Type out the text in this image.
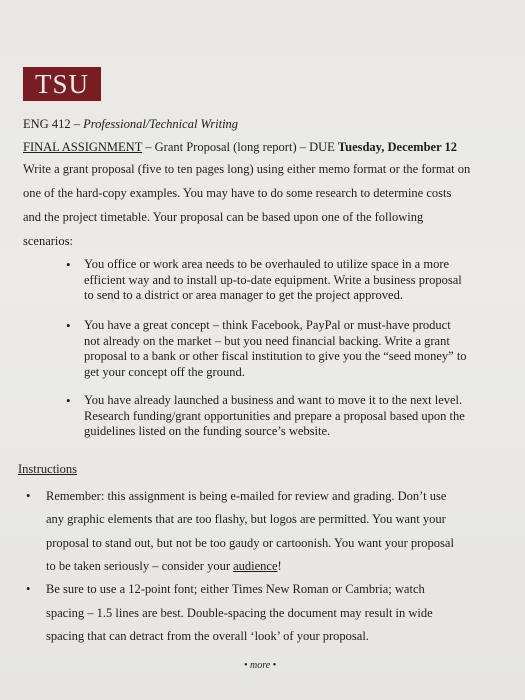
TSU
ENG 412 – Professional/Technical Writing
FINAL ASSIGNMENT – Grant Proposal (long report) – DUE Tuesday, December 12
Write a grant proposal (five to ten pages long) using either memo format or the format on
one of the hard-copy examples. You may have to do some research to determine costs
and the project timetable. Your proposal can be based upon one of the following
scenarios:
• You office or work area needs to be overhauled to utilize space in a more
efficient way and to install up-to-date equipment. Write a business proposal
to send to a district or area manager to get the project approved.
• You have a great concept – think Facebook, PayPal or must-have product
not already on the market – but you need financial backing. Write a grant
proposal to a bank or other fiscal institution to give you the “seed money” to
get your concept off the ground.
• You have already launched a business and want to move it to the next level.
Research funding/grant opportunities and prepare a proposal based upon the
guidelines listed on the funding source’s website.
Instructions
• Remember: this assignment is being e-mailed for review and grading. Don’t use
any graphic elements that are too flashy, but logos are permitted. You want your
proposal to stand out, but not be too gaudy or cartoonish. You want your proposal
to be taken seriously – consider your audience!
• Be sure to use a 12-point font; either Times New Roman or Cambria; watch
spacing – 1.5 lines are best. Double-spacing the document may result in wide
spacing that can detract from the overall ‘look’ of your proposal.
• more •
